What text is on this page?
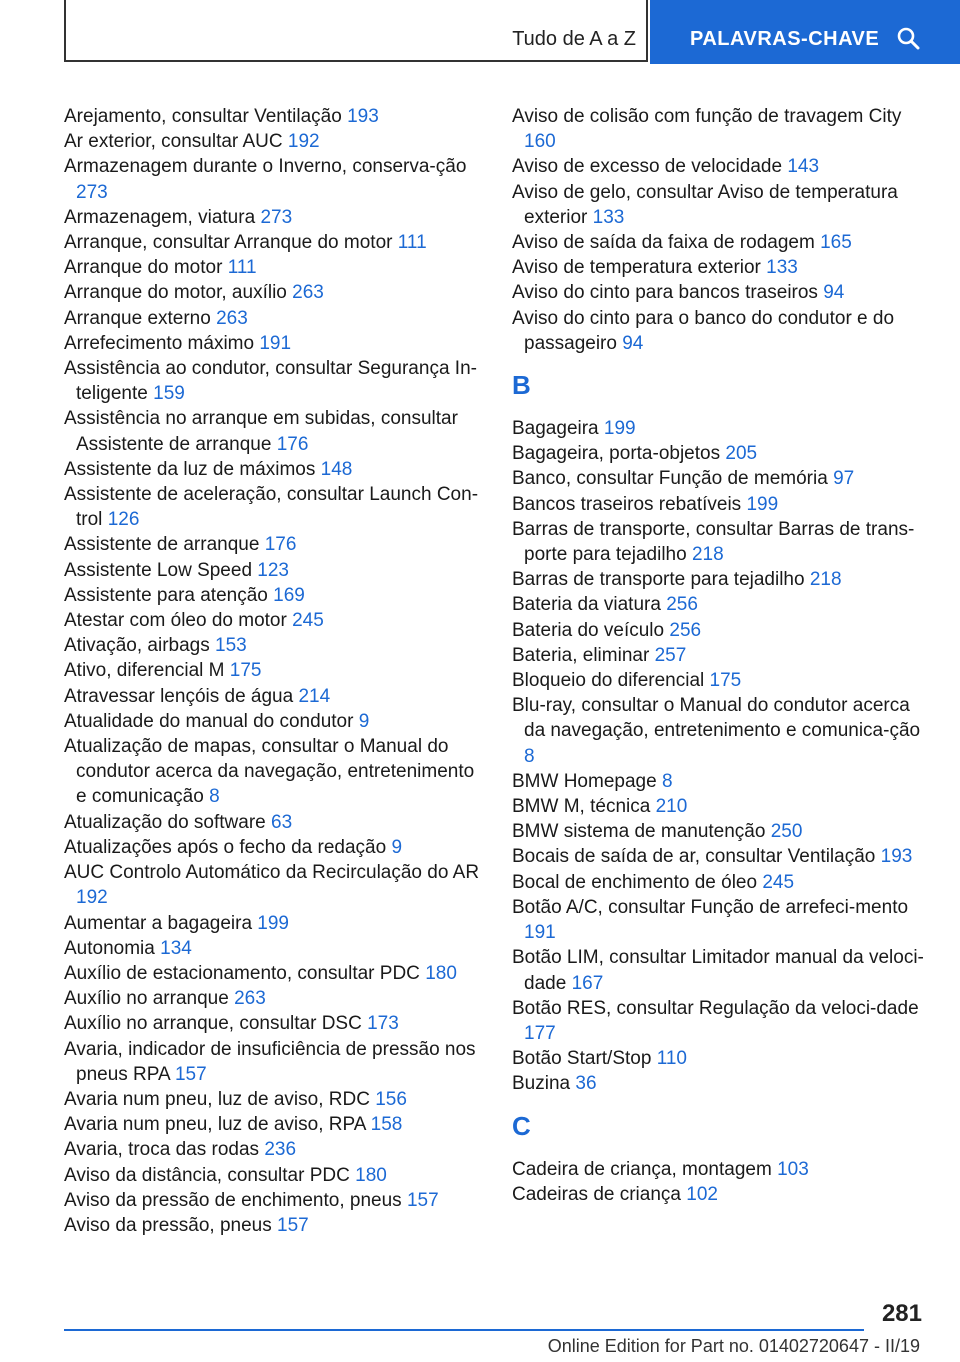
Tudo de A a Z	PALAVRAS-CHAVE

Arejamento, consultar Ventilação 193

Ar exterior, consultar AUC 192

Armazenagem durante o Inverno, conserva-ção 273

Armazenagem, viatura 273

Arranque, consultar Arranque do motor 111

Arranque do motor 111

Arranque do motor, auxílio 263

Arranque externo 263

Arrefecimento máximo 191

Assistência ao condutor, consultar Segurança In-teligente 159

Assistência no arranque em subidas, consultar Assistente de arranque 176

Assistente da luz de máximos 148

Assistente de aceleração, consultar Launch Con-trol 126

Assistente de arranque 176

Assistente Low Speed 123

Assistente para atenção 169

Atestar com óleo do motor 245

Ativação, airbags 153

Ativo, diferencial M 175

Atravessar lençóis de água 214

Atualidade do manual do condutor 9

Atualização de mapas, consultar o Manual do condutor acerca da navegação, entretenimento e comunicação 8

Atualização do software 63

Atualizações após o fecho da redação 9

AUC Controlo Automático da Recirculação do AR 192

Aumentar a bagageira 199

Autonomia 134

Auxílio de estacionamento, consultar PDC 180

Auxílio no arranque 263

Auxílio no arranque, consultar DSC 173

Avaria, indicador de insuficiência de pressão nos pneus RPA 157

Avaria num pneu, luz de aviso, RDC 156

Avaria num pneu, luz de aviso, RPA 158

Avaria, troca das rodas 236

Aviso da distância, consultar PDC 180

Aviso da pressão de enchimento, pneus 157

Aviso da pressão, pneus 157

Aviso de colisão com função de travagem City 160

Aviso de excesso de velocidade 143

Aviso de gelo, consultar Aviso de temperatura exterior 133

Aviso de saída da faixa de rodagem 165

Aviso de temperatura exterior 133

Aviso do cinto para bancos traseiros 94

Aviso do cinto para o banco do condutor e do passageiro 94

B

Bagageira 199

Bagageira, porta-objetos 205

Banco, consultar Função de memória 97

Bancos traseiros rebatíveis 199

Barras de transporte, consultar Barras de trans-porte para tejadilho 218

Barras de transporte para tejadilho 218

Bateria da viatura 256

Bateria do veículo 256

Bateria, eliminar 257

Bloqueio do diferencial 175

Blu-ray, consultar o Manual do condutor acerca da navegação, entretenimento e comunica-ção 8

BMW Homepage 8

BMW M, técnica 210

BMW sistema de manutenção 250

Bocais de saída de ar, consultar Ventilação 193

Bocal de enchimento de óleo 245

Botão A/C, consultar Função de arrefeci-mento 191

Botão LIM, consultar Limitador manual da veloci-dade 167

Botão RES, consultar Regulação da veloci-dade 177

Botão Start/Stop 110

Buzina 36

C

Cadeira de criança, montagem 103

Cadeiras de criança 102

281
Online Edition for Part no. 01402720647 - II/19
